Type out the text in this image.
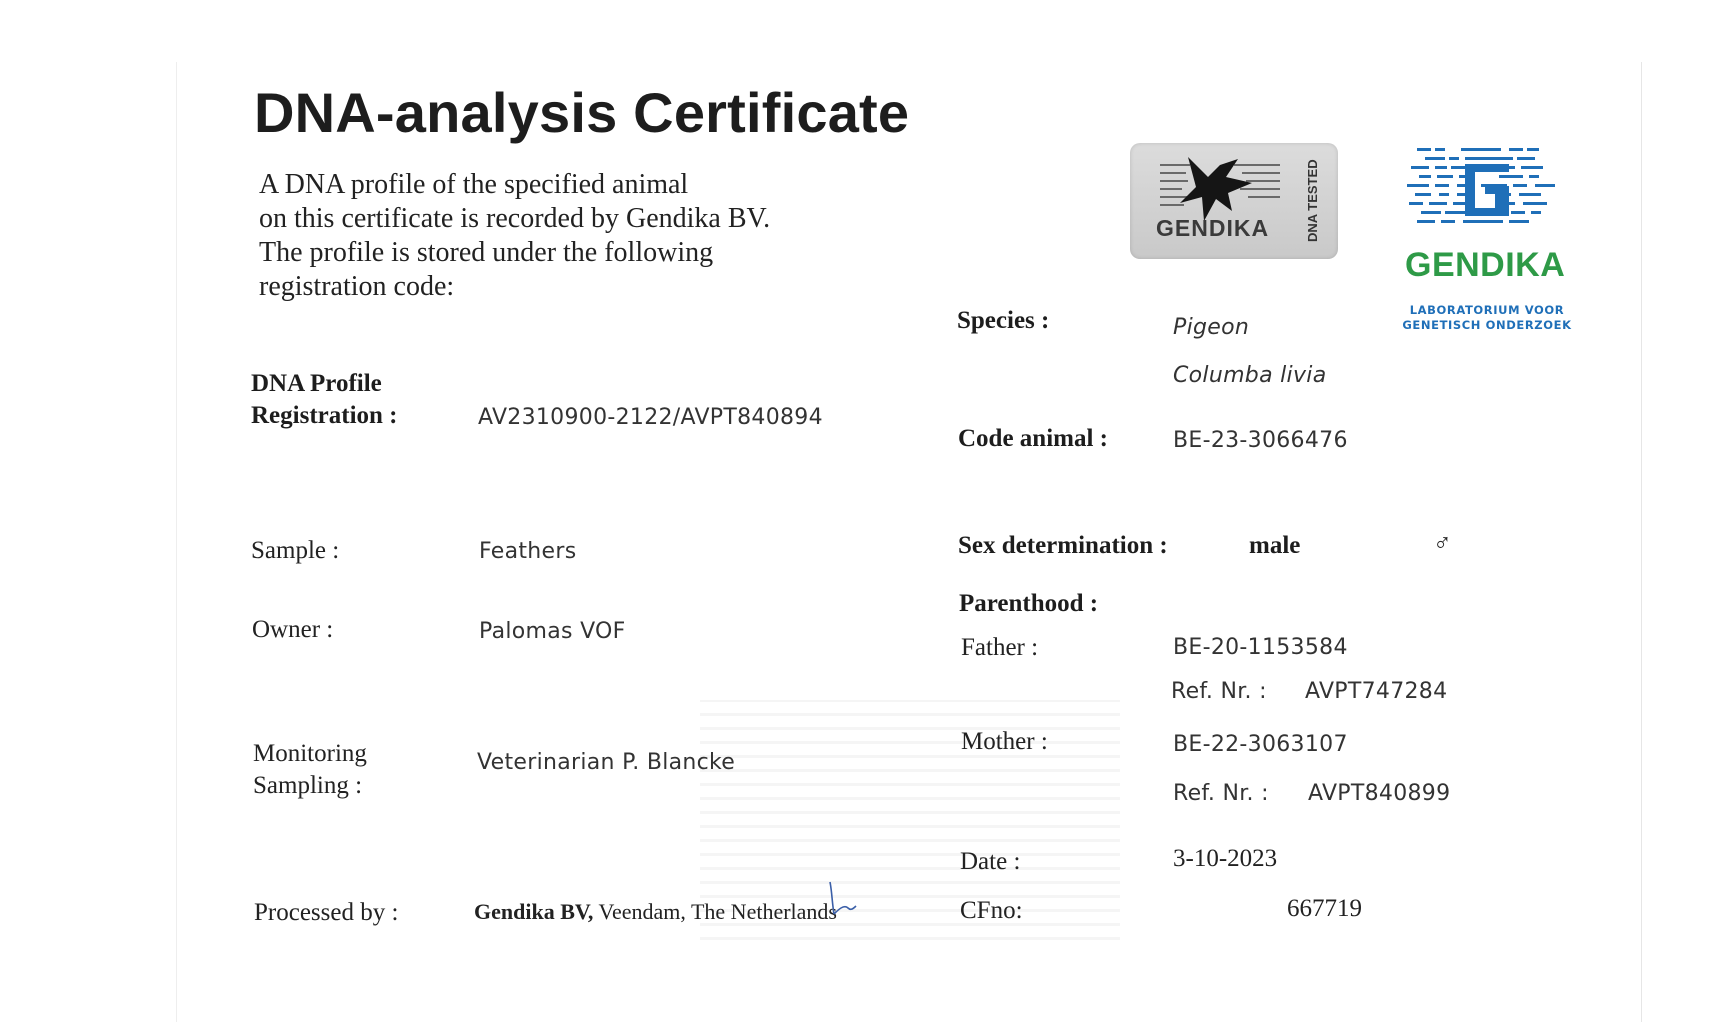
DNA-analysis Certificate
A DNA profile of the specified animal
on this certificate is recorded by Gendika BV.
The profile is stored under the following
registration code:
GENDIKA	DNA TESTED
GENDIKA
LABORATORIUM VOOR
GENETISCH ONDERZOEK
DNA Profile
Registration :	AV2310900-2122/AVPT840894
Sample :	Feathers
Owner :	Palomas VOF
Monitoring
Sampling :
Veterinarian P. Blancke
Processed by :	Gendika BV, Veendam, The Netherlands
Species :	Pigeon
Columba livia
Code animal :	BE-23-3066476
Sex determination :	male	♂
Parenthood :
Father :	BE-20-1153584
Ref. Nr. : AVPT747284
Mother :	BE-22-3063107
Ref. Nr. : AVPT840899
Date :	3-10-2023
CFno:	667719
